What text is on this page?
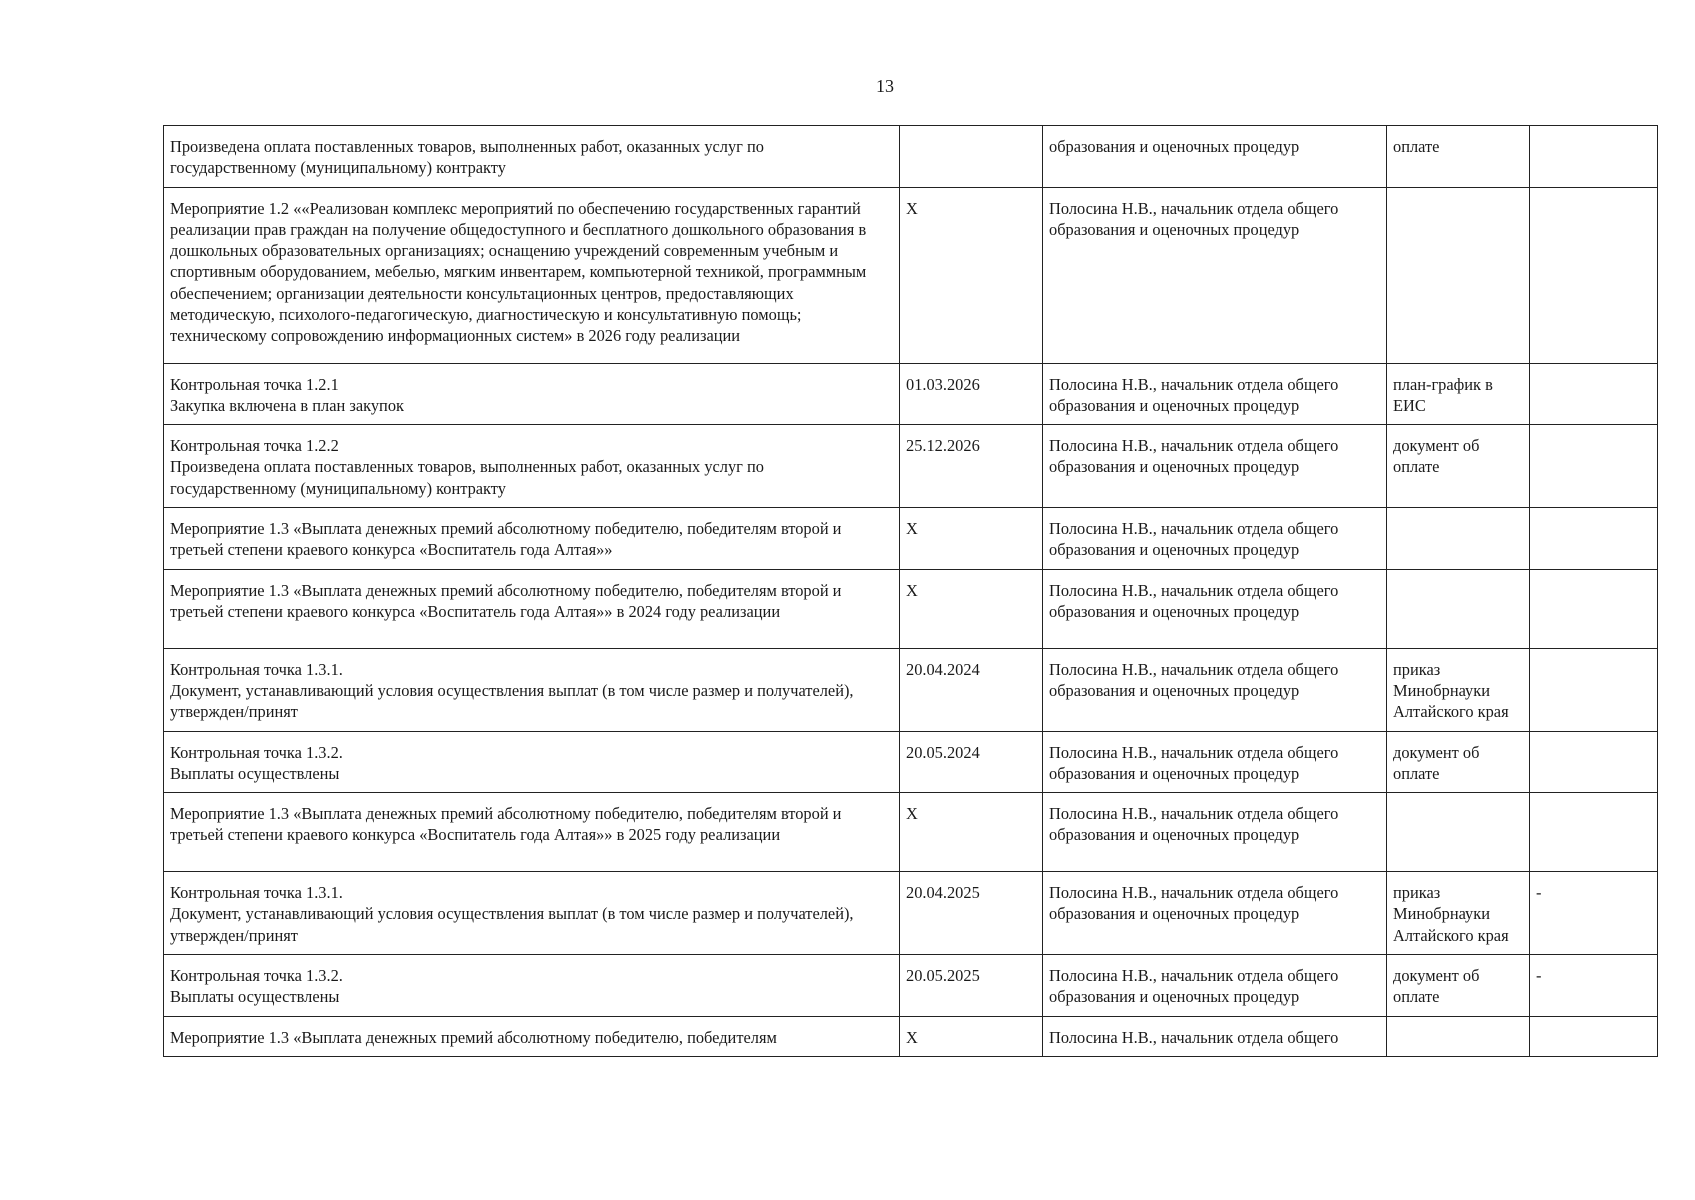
13
Произведена оплата поставленных товаров, выполненных работ, оказанных услуг по государственному (муниципальному) контракту		образования и оценочных процедур	оплате	
Мероприятие 1.2 ««Реализован комплекс мероприятий по обеспечению государственных гарантий реализации прав граждан на получение общедоступного и бесплатного дошкольного образования в дошкольных образовательных организациях; оснащению учреждений современным учебным и спортивным оборудованием, мебелью, мягким инвентарем, компьютерной техникой, программным обеспечением; организации деятельности консультационных центров, предоставляющих методическую, психолого-педагогическую, диагностическую и консультативную помощь; техническому сопровождению информационных систем» в 2026 году реализации	X	Полосина Н.В., начальник отдела общего образования и оценочных процедур		
Контрольная точка 1.2.1
Закупка включена в план закупок	01.03.2026	Полосина Н.В., начальник отдела общего образования и оценочных процедур	план-график в ЕИС	
Контрольная точка 1.2.2
Произведена оплата поставленных товаров, выполненных работ, оказанных услуг по государственному (муниципальному) контракту	25.12.2026	Полосина Н.В., начальник отдела общего образования и оценочных процедур	документ об оплате	
Мероприятие 1.3 «Выплата денежных премий абсолютному победителю, победителям второй и третьей степени краевого конкурса «Воспитатель года Алтая»»	X	Полосина Н.В., начальник отдела общего образования и оценочных процедур		
Мероприятие 1.3 «Выплата денежных премий абсолютному победителю, победителям второй и третьей степени краевого конкурса «Воспитатель года Алтая»» в 2024 году реализации	X	Полосина Н.В., начальник отдела общего образования и оценочных процедур		
Контрольная точка 1.3.1.
Документ, устанавливающий условия осуществления выплат (в том числе размер и получателей), утвержден/принят	20.04.2024	Полосина Н.В., начальник отдела общего образования и оценочных процедур	приказ Минобрнауки Алтайского края	
Контрольная точка 1.3.2.
Выплаты осуществлены	20.05.2024	Полосина Н.В., начальник отдела общего образования и оценочных процедур	документ об оплате	
Мероприятие 1.3 «Выплата денежных премий абсолютному победителю, победителям второй и третьей степени краевого конкурса «Воспитатель года Алтая»» в 2025 году реализации	X	Полосина Н.В., начальник отдела общего образования и оценочных процедур		
Контрольная точка 1.3.1.
Документ, устанавливающий условия осуществления выплат (в том числе размер и получателей), утвержден/принят	20.04.2025	Полосина Н.В., начальник отдела общего образования и оценочных процедур	приказ Минобрнауки Алтайского края	-
Контрольная точка 1.3.2.
Выплаты осуществлены	20.05.2025	Полосина Н.В., начальник отдела общего образования и оценочных процедур	документ об оплате	-
Мероприятие 1.3 «Выплата денежных премий абсолютному победителю, победителям	X	Полосина Н.В., начальник отдела общего		
